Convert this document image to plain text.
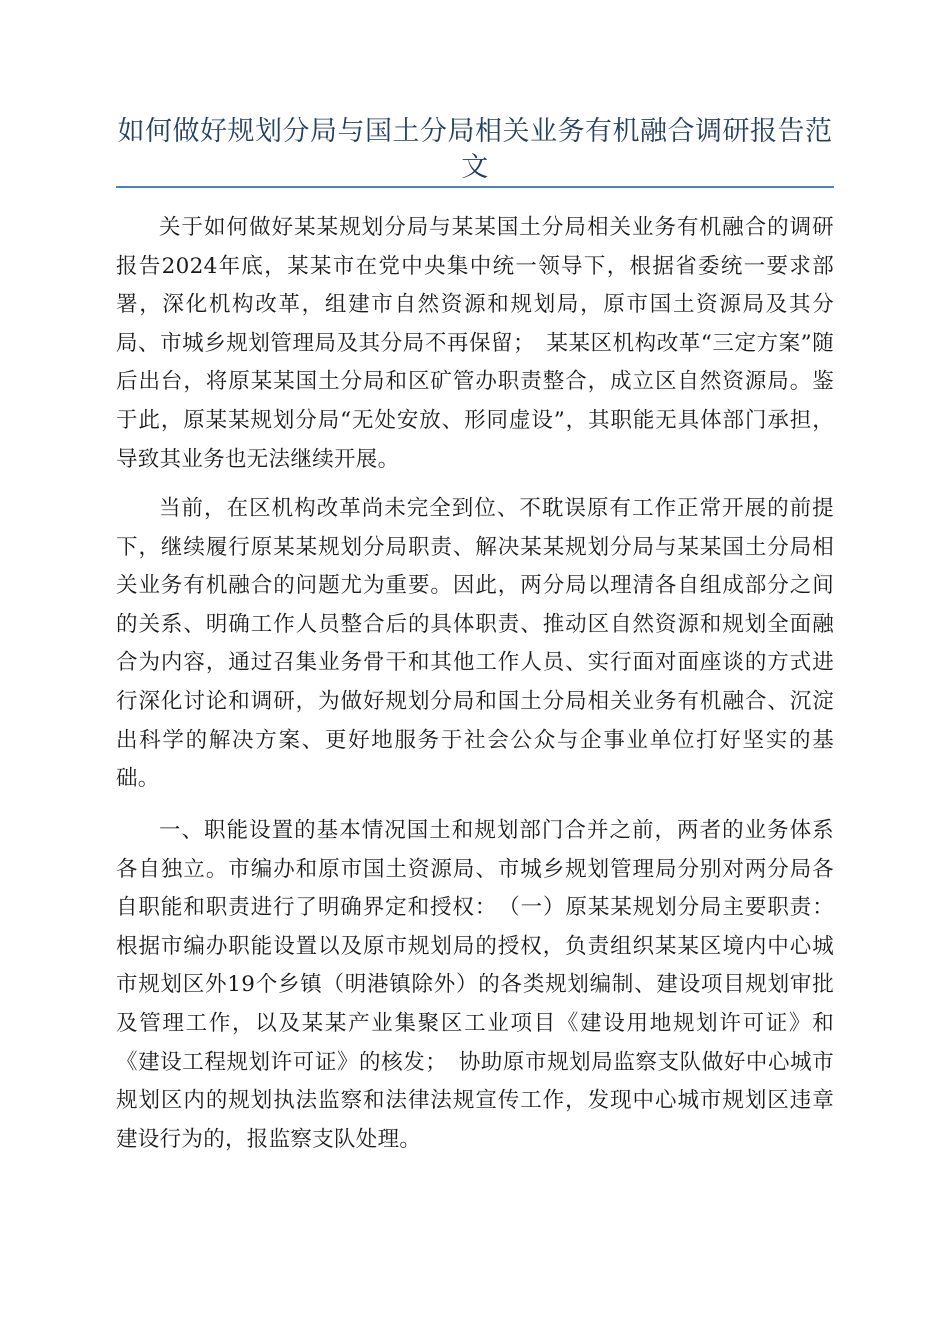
如何做好规划分局与国土分局相关业务有机融合调研报告范文

关于如何做好某某规划分局与某某国土分局相关业务有机融合的调研报告2024年底，某某市在党中央集中统一领导下，根据省委统一要求部署，深化机构改革，组建市自然资源和规划局，原市国土资源局及其分局、市城乡规划管理局及其分局不再保留；　某某区机构改革“三定方案”随后出台，将原某某国土分局和区矿管办职责整合，成立区自然资源局。鉴于此，原某某规划分局“无处安放、形同虚设”，其职能无具体部门承担，导致其业务也无法继续开展。

当前，在区机构改革尚未完全到位、不耽误原有工作正常开展的前提下，继续履行原某某规划分局职责、解决某某规划分局与某某国土分局相关业务有机融合的问题尤为重要。因此，两分局以理清各自组成部分之间的关系、明确工作人员整合后的具体职责、推动区自然资源和规划全面融合为内容，通过召集业务骨干和其他工作人员、实行面对面座谈的方式进行深化讨论和调研，为做好规划分局和国土分局相关业务有机融合、沉淀出科学的解决方案、更好地服务于社会公众与企事业单位打好坚实的基础。

一、职能设置的基本情况国土和规划部门合并之前，两者的业务体系各自独立。市编办和原市国土资源局、市城乡规划管理局分别对两分局各自职能和职责进行了明确界定和授权：　（一）原某某规划分局主要职责：根据市编办职能设置以及原市规划局的授权，负责组织某某区境内中心城市规划区外19个乡镇（明港镇除外）的各类规划编制、建设项目规划审批及管理工作，以及某某产业集聚区工业项目《建设用地规划许可证》和《建设工程规划许可证》的核发；　协助原市规划局监察支队做好中心城市规划区内的规划执法监察和法律法规宣传工作，发现中心城市规划区违章建设行为的，报监察支队处理。
